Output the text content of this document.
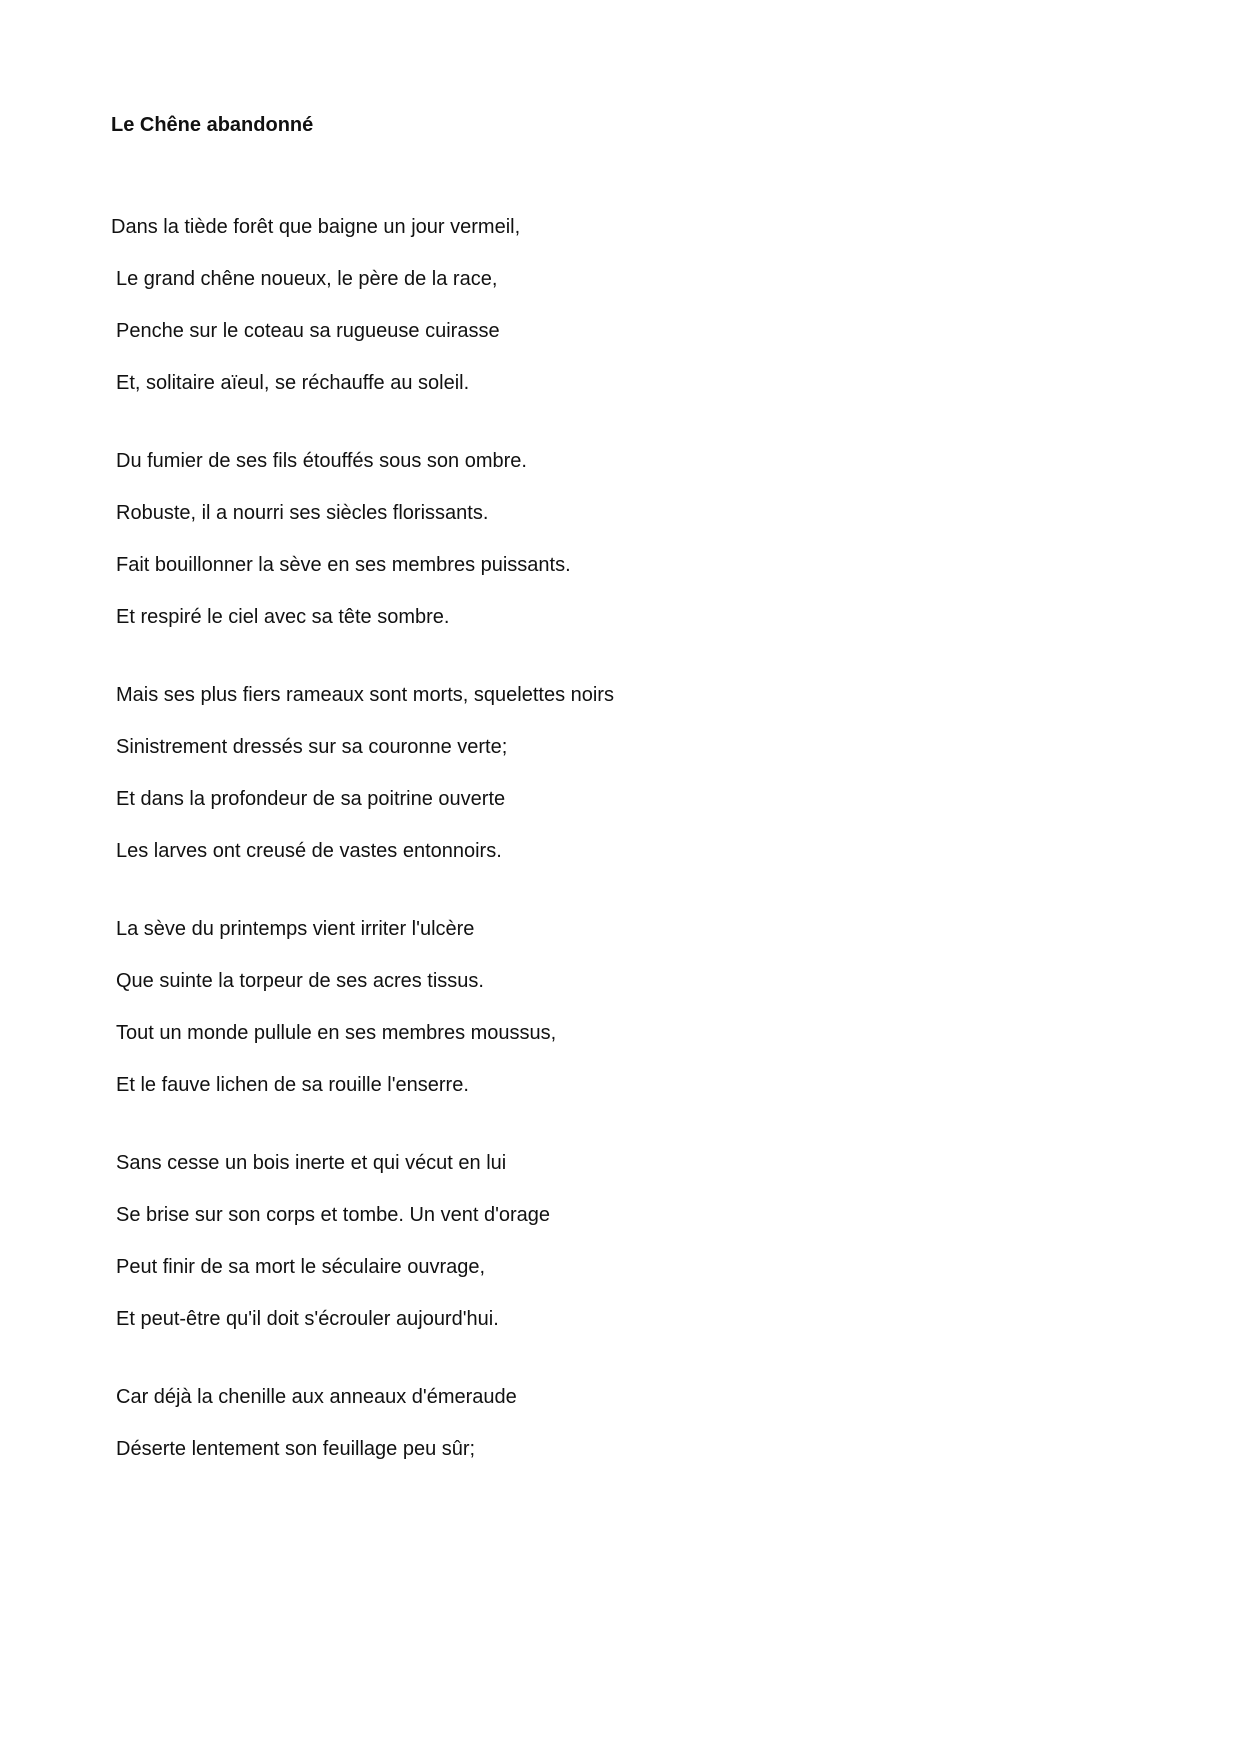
Le Chêne abandonné
Dans la tiède forêt que baigne un jour vermeil,
Le grand chêne noueux, le père de la race,
Penche sur le coteau sa rugueuse cuirasse
Et, solitaire aïeul, se réchauffe au soleil.
Du fumier de ses fils étouffés sous son ombre.
Robuste, il a nourri ses siècles florissants.
Fait bouillonner la sève en ses membres puissants.
Et respiré le ciel avec sa tête sombre.
Mais ses plus fiers rameaux sont morts, squelettes noirs
Sinistrement dressés sur sa couronne verte;
Et dans la profondeur de sa poitrine ouverte
Les larves ont creusé de vastes entonnoirs.
La sève du printemps vient irriter l'ulcère
Que suinte la torpeur de ses acres tissus.
Tout un monde pullule en ses membres moussus,
Et le fauve lichen de sa rouille l'enserre.
Sans cesse un bois inerte et qui vécut en lui
Se brise sur son corps et tombe. Un vent d'orage
Peut finir de sa mort le séculaire ouvrage,
Et peut-être qu'il doit s'écrouler aujourd'hui.
Car déjà la chenille aux anneaux d'émeraude
Déserte lentement son feuillage peu sûr;
